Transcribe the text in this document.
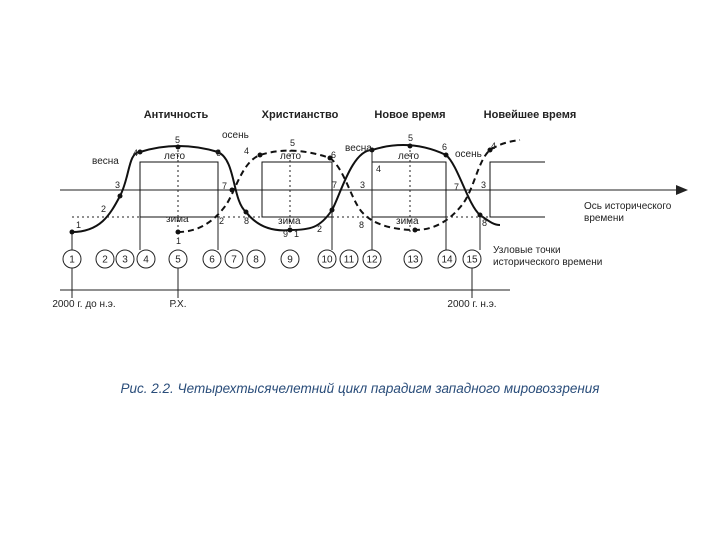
Античность	Христианство	Новое время	Новейшее время
весна	лето
осень
зима
лето
зима
весна
лето	осень
зима
1
2
3
4
5
6
7
8
9 1 2
3
4
5
6
7
8
4
5
6
7
8
1
2
3
4
Ось исторического времени
1	2 3 4	5	6 7 8	9	10 11 12	13 14 15
Узловые точки исторического времени
2000 г. до н.э.	Р.Х.	2000 г. н.э.
Рис. 2.2. Четырехтысячелетний цикл парадигм западного мировоззрения
